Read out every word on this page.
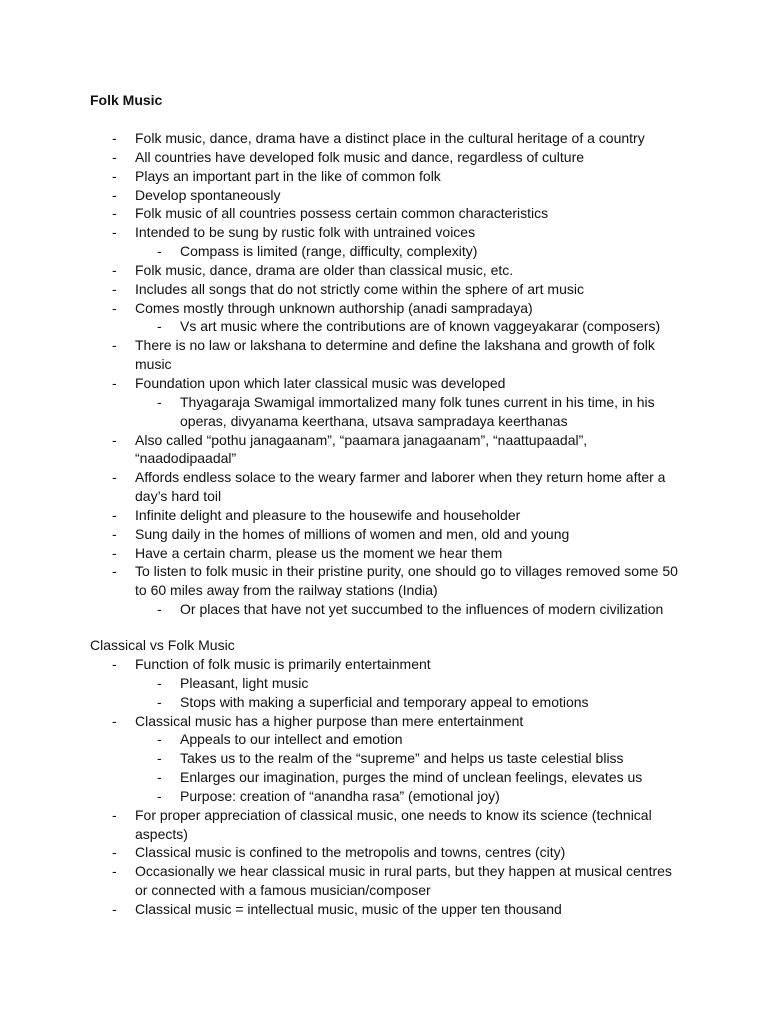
Folk Music
- Folk music, dance, drama have a distinct place in the cultural heritage of a country
- All countries have developed folk music and dance, regardless of culture
- Plays an important part in the like of common folk
- Develop spontaneously
- Folk music of all countries possess certain common characteristics
- Intended to be sung by rustic folk with untrained voices
- Compass is limited (range, difficulty, complexity)
- Folk music, dance, drama are older than classical music, etc.
- Includes all songs that do not strictly come within the sphere of art music
- Comes mostly through unknown authorship (anadi sampradaya)
- Vs art music where the contributions are of known vaggeyakarar (composers)
- There is no law or lakshana to determine and define the lakshana and growth of folk music
- Foundation upon which later classical music was developed
- Thyagaraja Swamigal immortalized many folk tunes current in his time, in his operas, divyanama keerthana, utsava sampradaya keerthanas
- Also called “pothu janagaanam”, “paamara janagaanam”, “naattupaadal”, “naadodipaadal”
- Affords endless solace to the weary farmer and laborer when they return home after a day’s hard toil
- Infinite delight and pleasure to the housewife and householder
- Sung daily in the homes of millions of women and men, old and young
- Have a certain charm, please us the moment we hear them
- To listen to folk music in their pristine purity, one should go to villages removed some 50 to 60 miles away from the railway stations (India)
- Or places that have not yet succumbed to the influences of modern civilization
Classical vs Folk Music
- Function of folk music is primarily entertainment
- Pleasant, light music
- Stops with making a superficial and temporary appeal to emotions
- Classical music has a higher purpose than mere entertainment
- Appeals to our intellect and emotion
- Takes us to the realm of the “supreme” and helps us taste celestial bliss
- Enlarges our imagination, purges the mind of unclean feelings, elevates us
- Purpose: creation of “anandha rasa” (emotional joy)
- For proper appreciation of classical music, one needs to know its science (technical aspects)
- Classical music is confined to the metropolis and towns, centres (city)
- Occasionally we hear classical music in rural parts, but they happen at musical centres or connected with a famous musician/composer
- Classical music = intellectual music, music of the upper ten thousand
